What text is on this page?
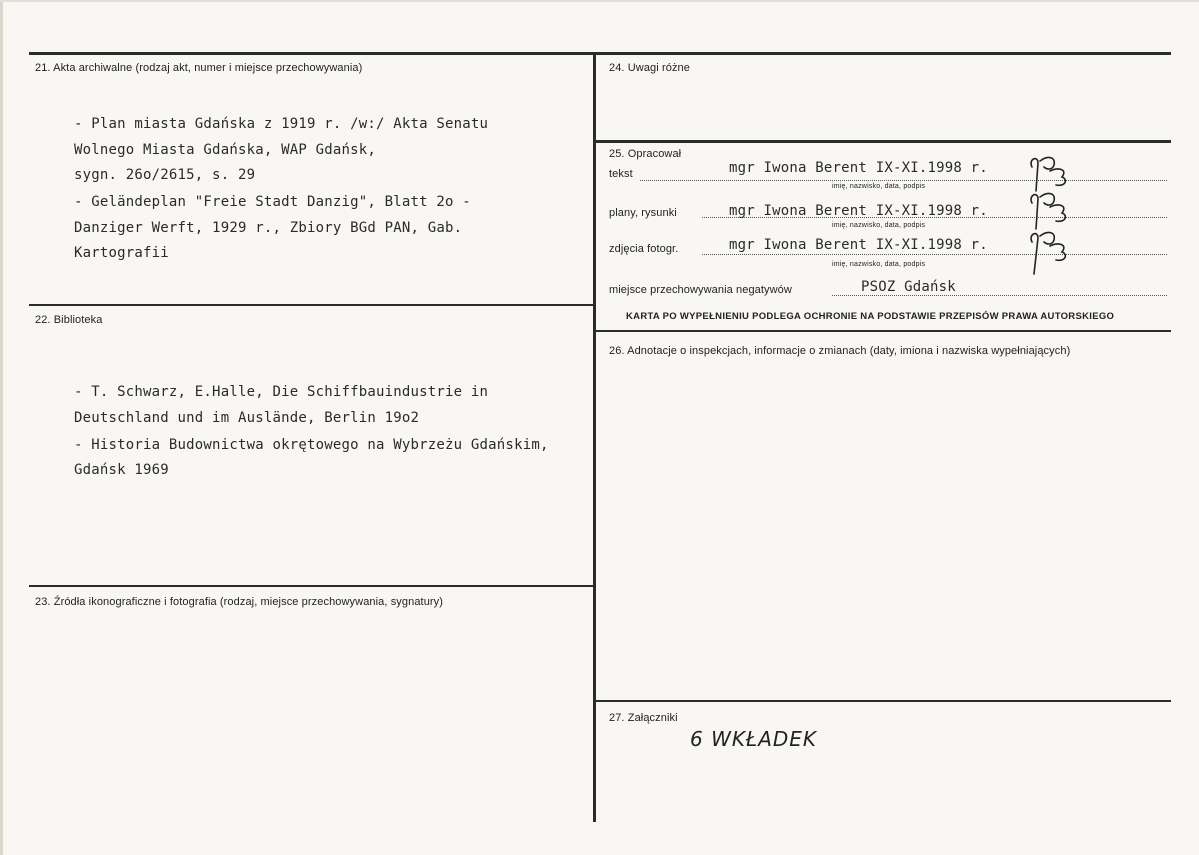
21. Akta archiwalne (rodzaj akt, numer i miejsce przechowywania)
- Plan miasta Gdańska z 1919 r. /w:/ Akta Senatu
Wolnego Miasta Gdańska, WAP Gdańsk,
sygn. 26o/2615, s. 29
- Geländeplan "Freie Stadt Danzig", Blatt 2o -
Danziger Werft, 1929 r., Zbiory BGd PAN, Gab.
Kartografii
22. Biblioteka
- T. Schwarz, E.Halle, Die Schiffbauindustrie in
Deutschland und im Auslände, Berlin 19o2
- Historia Budownictwa okrętowego na Wybrzeżu Gdańskim,
Gdańsk 1969
23. Źródła ikonograficzne i fotografia (rodzaj, miejsce przechowywania, sygnatury)
24. Uwagi różne
25. Opracował
tekst	mgr Iwona Berent IX-XI.1998 r.
imię, nazwisko, data, podpis
plany, rysunki	mgr Iwona Berent IX-XI.1998 r.
imię, nazwisko, data, podpis
zdjęcia fotogr.	mgr Iwona Berent IX-XI.1998 r.
imię, nazwisko, data, podpis
miejsce przechowywania negatywów	PSOZ Gdańsk
KARTA PO WYPEŁNIENIU PODLEGA OCHRONIE NA PODSTAWIE PRZEPISÓW PRAWA AUTORSKIEGO
26. Adnotacje o inspekcjach, informacje o zmianach (daty, imiona i nazwiska wypełniających)
27. Załączniki
6 WKŁADEK
